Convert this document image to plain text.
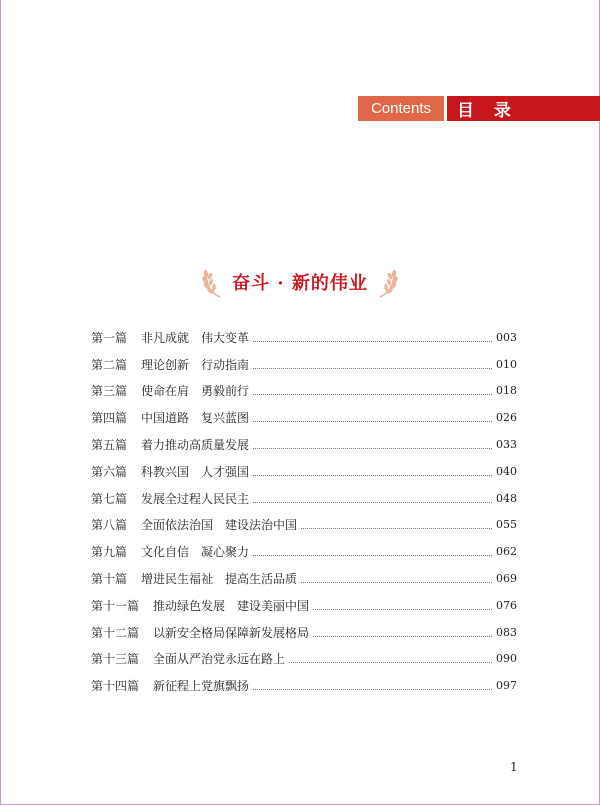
Contents	目 录
奋斗 · 新的伟业
第一篇 非凡成就　伟大变革	003
第二篇 理论创新　行动指南	010
第三篇 使命在肩　勇毅前行	018
第四篇 中国道路　复兴蓝图	026
第五篇 着力推动高质量发展	033
第六篇 科教兴国　人才强国	040
第七篇 发展全过程人民民主	048
第八篇 全面依法治国　建设法治中国	055
第九篇 文化自信　凝心聚力	062
第十篇 增进民生福祉　提高生活品质	069
第十一篇 推动绿色发展　建设美丽中国	076
第十二篇 以新安全格局保障新发展格局	083
第十三篇 全面从严治党永远在路上	090
第十四篇 新征程上党旗飘扬	097
1
